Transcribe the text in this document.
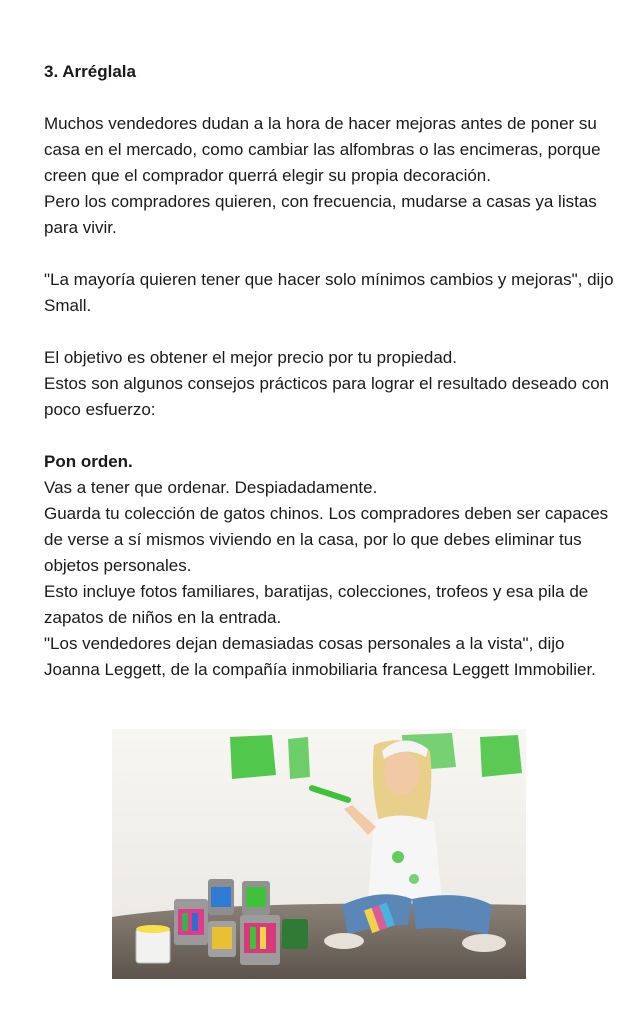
3. Arréglala

Muchos vendedores dudan a la hora de hacer mejoras antes de poner su casa en el mercado, como cambiar las alfombras o las encimeras, porque creen que el comprador querrá elegir su propia decoración.

Pero los compradores quieren, con frecuencia, mudarse a casas ya listas para vivir.

"La mayoría quieren tener que hacer solo mínimos cambios y mejoras", dijo Small.

El objetivo es obtener el mejor precio por tu propiedad.

Estos son algunos consejos prácticos para lograr el resultado deseado con poco esfuerzo:

Pon orden.

Vas a tener que ordenar. Despiadadamente.

Guarda tu colección de gatos chinos. Los compradores deben ser capaces de verse a sí mismos viviendo en la casa, por lo que debes eliminar tus objetos personales.

Esto incluye fotos familiares, baratijas, colecciones, trofeos y esa pila de zapatos de niños en la entrada.

"Los vendedores dejan demasiadas cosas personales a la vista", dijo Joanna Leggett, de la compañía inmobiliaria francesa Leggett Immobilier.
